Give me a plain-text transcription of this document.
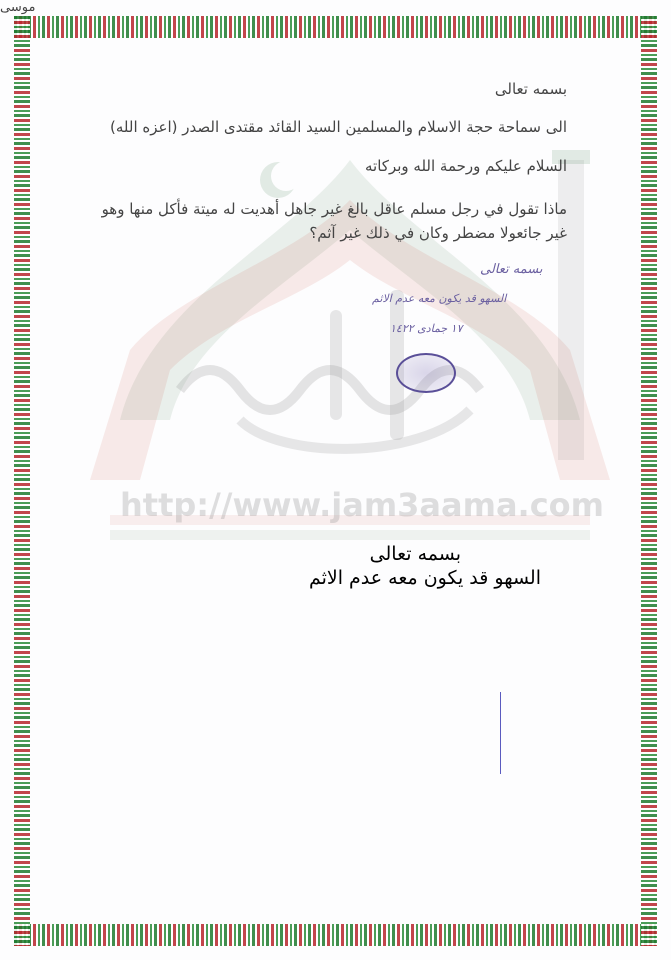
http://www.jam3aama.com
بسمه تعالى
الى سماحة حجة الاسلام والمسلمين السيد القائد مقتدى الصدر (اعزه الله)
السلام عليكم ورحمة الله وبركاته
ماذا تقول في رجل مسلم عاقل بالغ غير جاهل أهديت له ميتة فأكل منها وهو غير جائعولا مضطر وكان في ذلك غير آثم؟
موسى
بسمه تعالى
السهو قد يكون معه عدم الاثم
١٧ جمادى ١٤٢٢
بسمه تعالى
السهو قد يكون معه عدم الاثم
